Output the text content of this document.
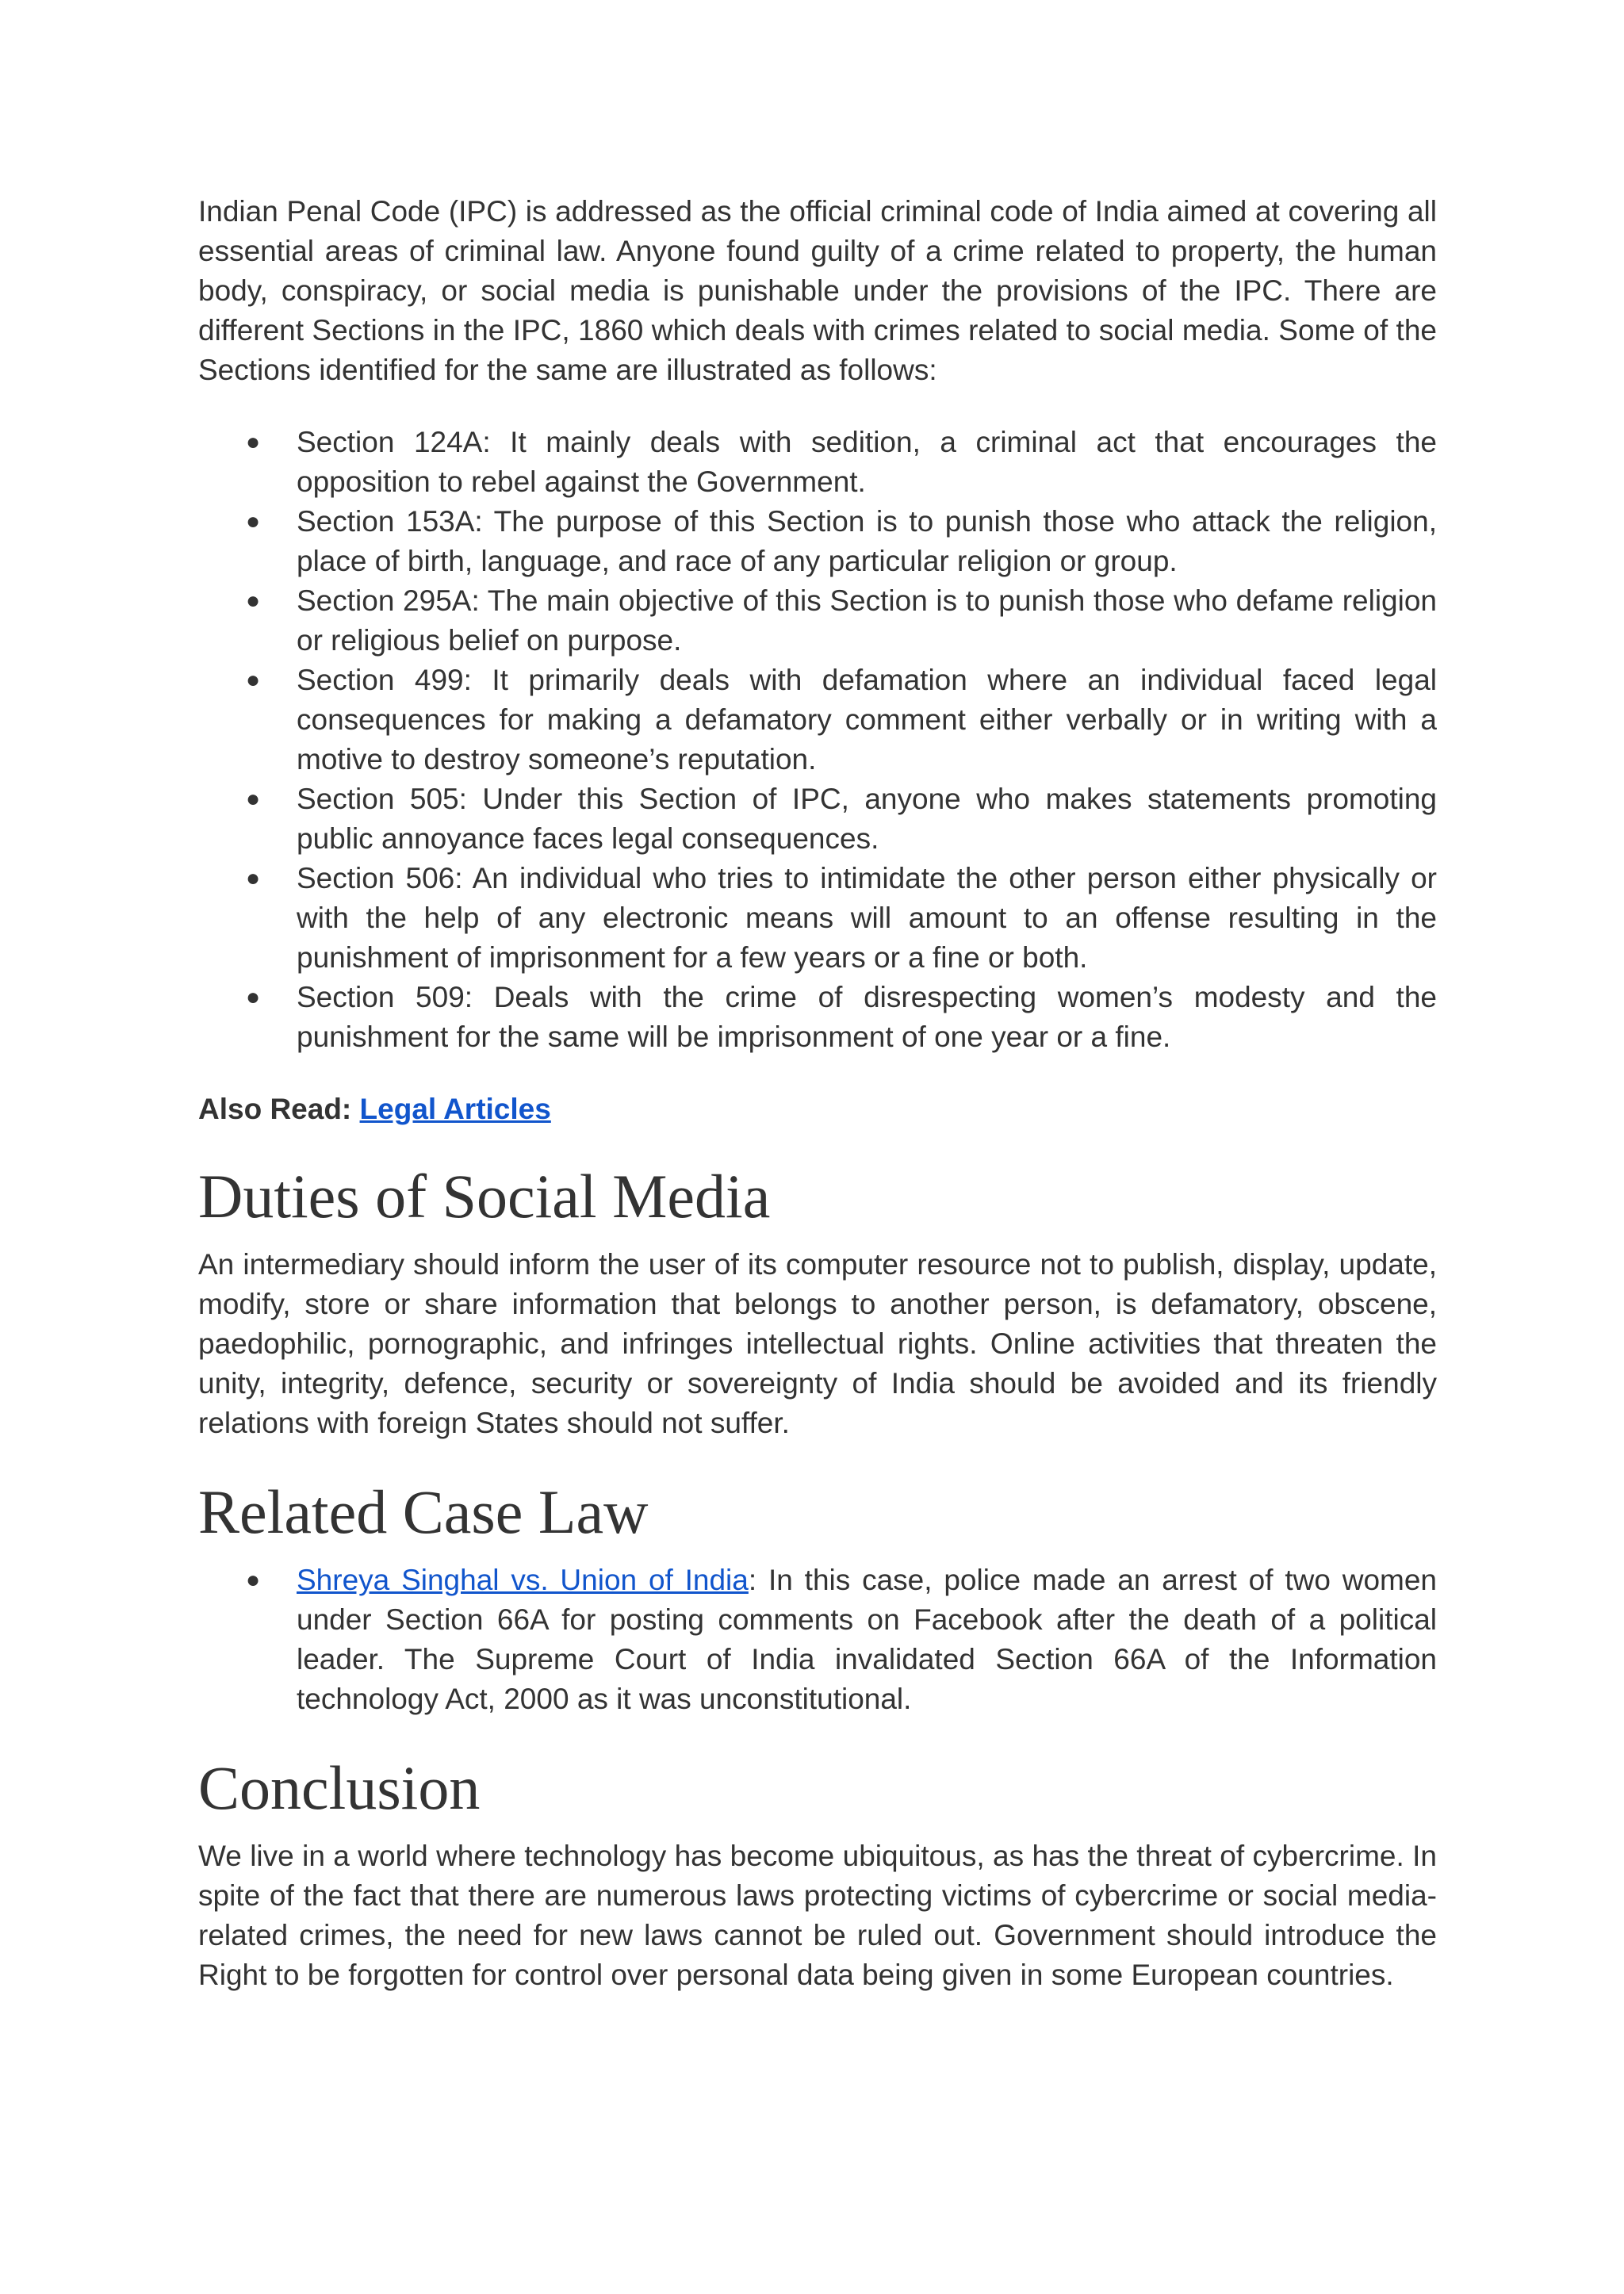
Indian Penal Code (IPC) is addressed as the official criminal code of India aimed at covering all essential areas of criminal law. Anyone found guilty of a crime related to property, the human body, conspiracy, or social media is punishable under the provisions of the IPC. There are different Sections in the IPC, 1860 which deals with crimes related to social media. Some of the Sections identified for the same are illustrated as follows:

● Section 124A: It mainly deals with sedition, a criminal act that encourages the opposition to rebel against the Government.
● Section 153A: The purpose of this Section is to punish those who attack the religion, place of birth, language, and race of any particular religion or group.
● Section 295A: The main objective of this Section is to punish those who defame religion or religious belief on purpose.
● Section 499: It primarily deals with defamation where an individual faced legal consequences for making a defamatory comment either verbally or in writing with a motive to destroy someone’s reputation.
● Section 505: Under this Section of IPC, anyone who makes statements promoting public annoyance faces legal consequences.
● Section 506: An individual who tries to intimidate the other person either physically or with the help of any electronic means will amount to an offense resulting in the punishment of imprisonment for a few years or a fine or both.
● Section 509: Deals with the crime of disrespecting women’s modesty and the punishment for the same will be imprisonment of one year or a fine.

Also Read: Legal Articles

Duties of Social Media

An intermediary should inform the user of its computer resource not to publish, display, update, modify, store or share information that belongs to another person, is defamatory, obscene, paedophilic, pornographic, and infringes intellectual rights. Online activities that threaten the unity, integrity, defence, security or sovereignty of India should be avoided and its friendly relations with foreign States should not suffer.

Related Case Law
● Shreya Singhal vs. Union of India: In this case, police made an arrest of two women under Section 66A for posting comments on Facebook after the death of a political leader. The Supreme Court of India invalidated Section 66A of the Information technology Act, 2000 as it was unconstitutional.
Conclusion

We live in a world where technology has become ubiquitous, as has the threat of cybercrime. In spite of the fact that there are numerous laws protecting victims of cybercrime or social media-related crimes, the need for new laws cannot be ruled out. Government should introduce the Right to be forgotten for control over personal data being given in some European countries.
